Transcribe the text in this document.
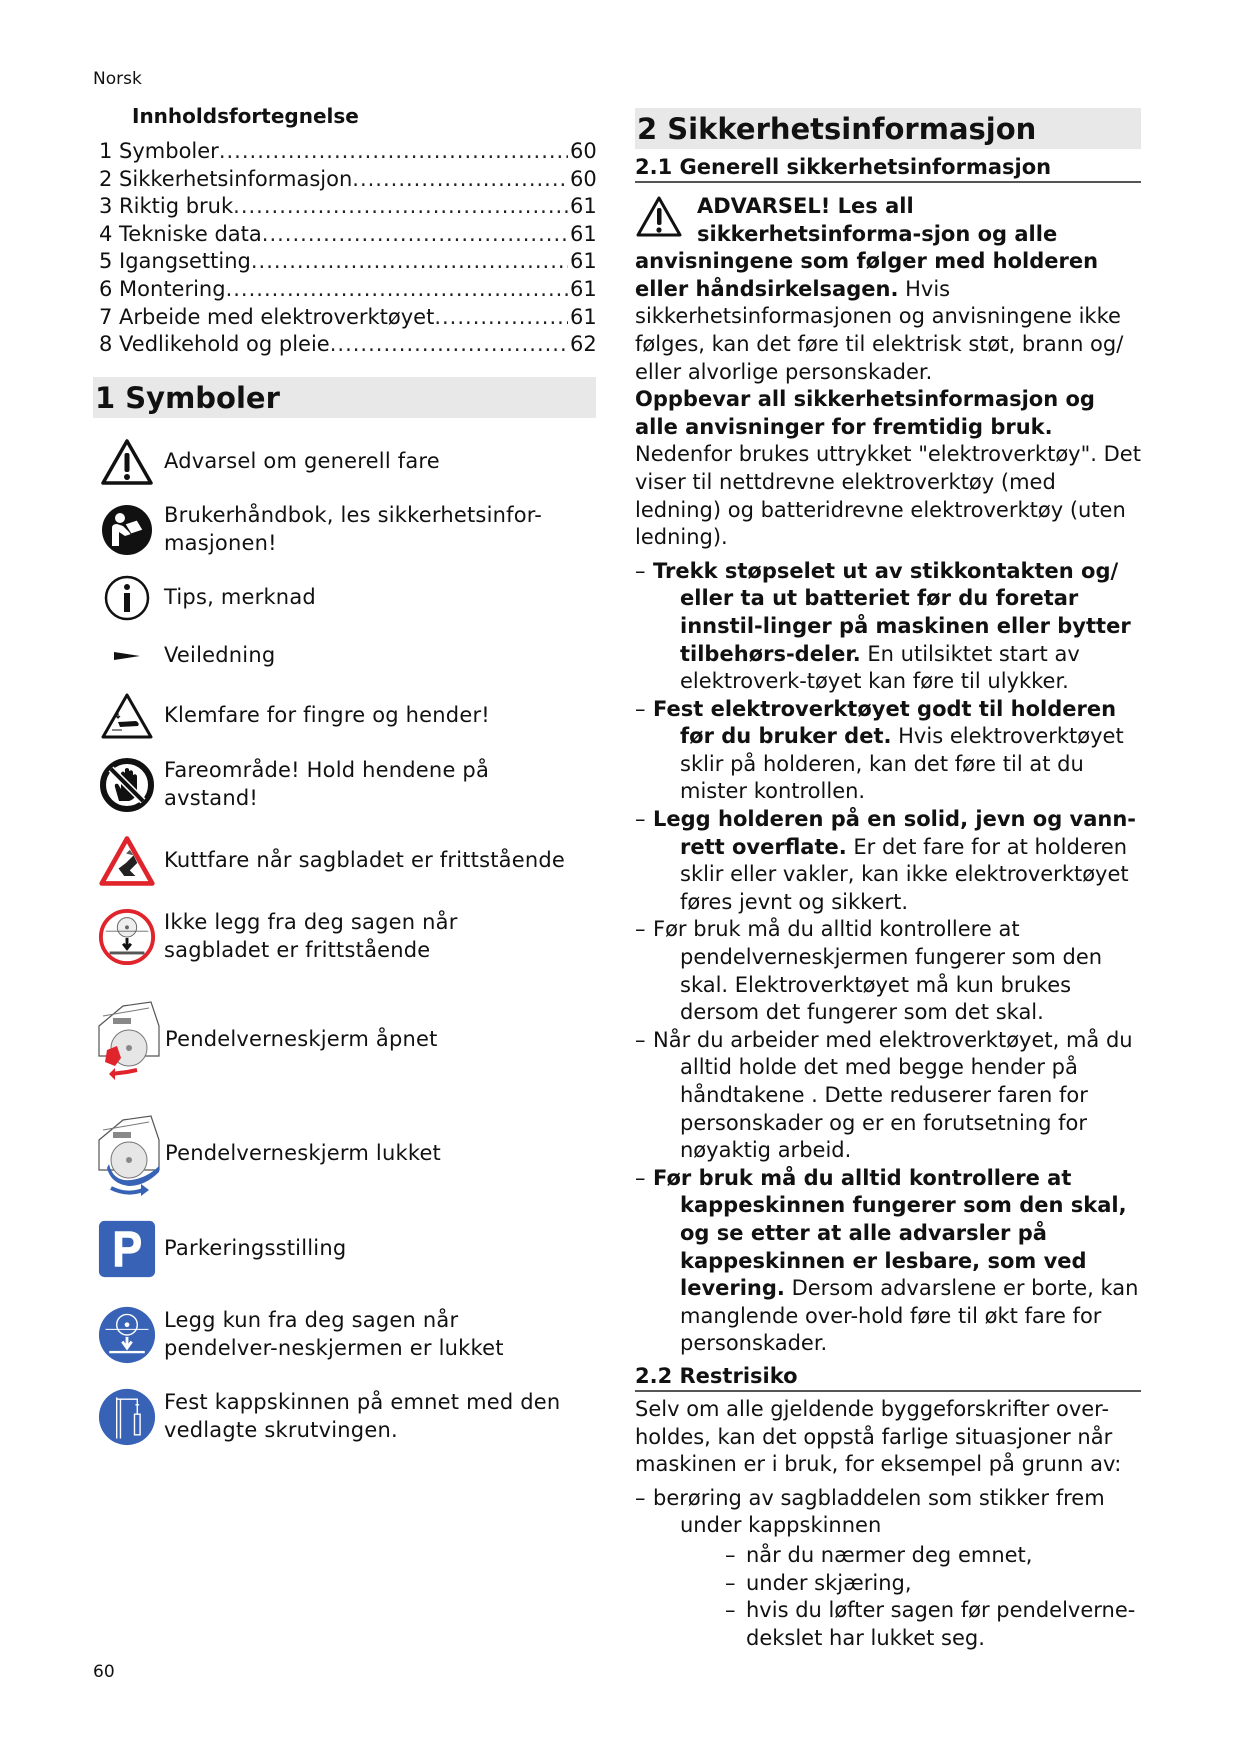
Norsk
Innholdsfortegnelse
1 Symboler .....	60
2 Sikkerhetsinformasjon .....	60
3 Riktig bruk .....	61
4 Tekniske data .....	61
5 Igangsetting .....	61
6 Montering .....	61
7 Arbeide med elektroverktøyet .....	61
8 Vedlikehold og pleie .....	62
1 Symboler
Advarsel om generell fare
Brukerhåndbok, les sikkerhetsinfor-masjonen!
Tips, merknad
Veiledning
Klemfare for fingre og hender!
Fareområde! Hold hendene på avstand!
Kuttfare når sagbladet er frittstående
Ikke legg fra deg sagen når sagbladet er frittstående
Pendelverneskjerm åpnet
Pendelverneskjerm lukket
Parkeringsstilling
Legg kun fra deg sagen når pendelver-neskjermen er lukket
Fest kappskinnen på emnet med den vedlagte skrutvingen.
2 Sikkerhetsinformasjon
2.1 Generell sikkerhetsinformasjon
ADVARSEL! Les all sikkerhetsinforma-sjon og alle anvisningene som følger med holderen eller håndsirkelsagen. Hvis sikkerhetsinformasjonen og anvisningene ikke følges, kan det føre til elektrisk støt, brann og/ eller alvorlige personskader.

Oppbevar all sikkerhetsinformasjon og alle anvisninger for fremtidig bruk.

Nedenfor brukes uttrykket "elektroverktøy". Det viser til nettdrevne elektroverktøy (med ledning) og batteridrevne elektroverktøy (uten ledning).

– Trekk støpselet ut av stikkontakten og/ eller ta ut batteriet før du foretar innstil-linger på maskinen eller bytter tilbehørs-deler. En utilsiktet start av elektroverk-tøyet kan føre til ulykker.
– Fest elektroverktøyet godt til holderen før du bruker det. Hvis elektroverktøyet sklir på holderen, kan det føre til at du mister kontrollen.
– Legg holderen på en solid, jevn og vann-rett overflate. Er det fare for at holderen sklir eller vakler, kan ikke elektroverktøyet føres jevnt og sikkert.
– Før bruk må du alltid kontrollere at pendelverneskjermen fungerer som den skal. Elektroverktøyet må kun brukes dersom det fungerer som det skal.
– Når du arbeider med elektroverktøyet, må du alltid holde det med begge hender på håndtakene . Dette reduserer faren for personskader og er en forutsetning for nøyaktig arbeid.
– Før bruk må du alltid kontrollere at kappeskinnen fungerer som den skal, og se etter at alle advarsler på kappeskinnen er lesbare, som ved levering. Dersom advarslene er borte, kan manglende over-hold føre til økt fare for personskader.
2.2 Restrisiko

Selv om alle gjeldende byggeforskrifter over-holdes, kan det oppstå farlige situasjoner når maskinen er i bruk, for eksempel på grunn av:

– berøring av sagbladdelen som stikker frem under kappskinnen
– når du nærmer deg emnet,
– under skjæring,
– hvis du løfter sagen før pendelverne-dekslet har lukket seg.
60
